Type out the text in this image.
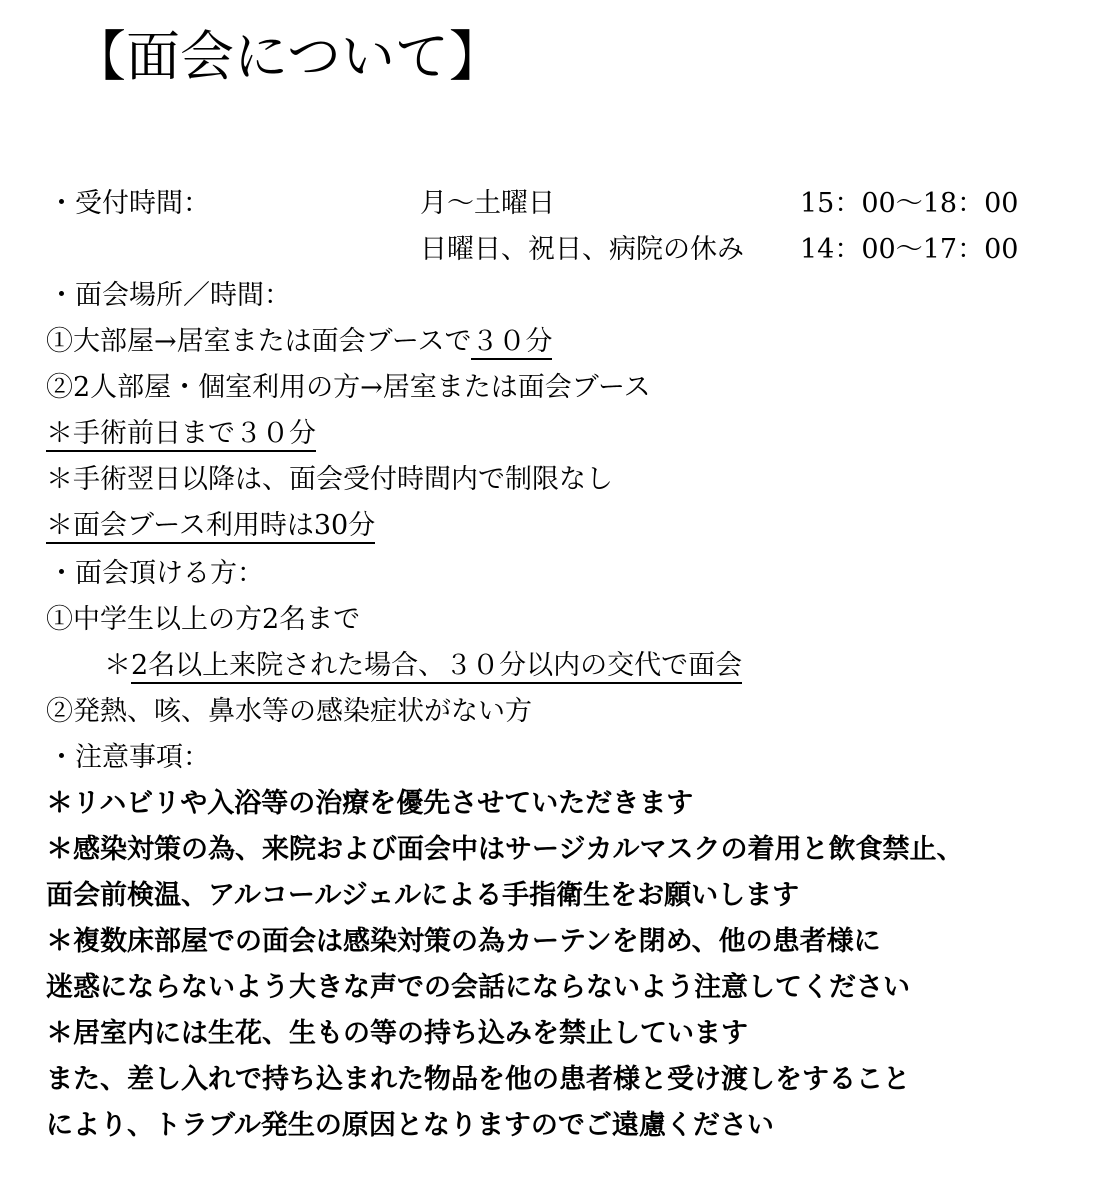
【面会について】
・受付時間：	月～土曜日	15：00～18：00
日曜日、祝日、病院の休み 14：00～17：00
・面会場所／時間：
①大部屋→居室または面会ブースで３０分
②2人部屋・個室利用の方→居室または面会ブース
＊手術前日まで３０分
＊手術翌日以降は、面会受付時間内で制限なし
＊面会ブース利用時は30分
・面会頂ける方：
①中学生以上の方2名まで
＊2名以上来院された場合、３０分以内の交代で面会
②発熱、咳、鼻水等の感染症状がない方
・注意事項：
＊リハビリや入浴等の治療を優先させていただきます
＊感染対策の為、来院および面会中はサージカルマスクの着用と飲食禁止、
面会前検温、アルコールジェルによる手指衛生をお願いします
＊複数床部屋での面会は感染対策の為カーテンを閉め、他の患者様に
迷惑にならないよう大きな声での会話にならないよう注意してください
＊居室内には生花、生もの等の持ち込みを禁止しています
また、差し入れで持ち込まれた物品を他の患者様と受け渡しをすること
により、トラブル発生の原因となりますのでご遠慮ください
